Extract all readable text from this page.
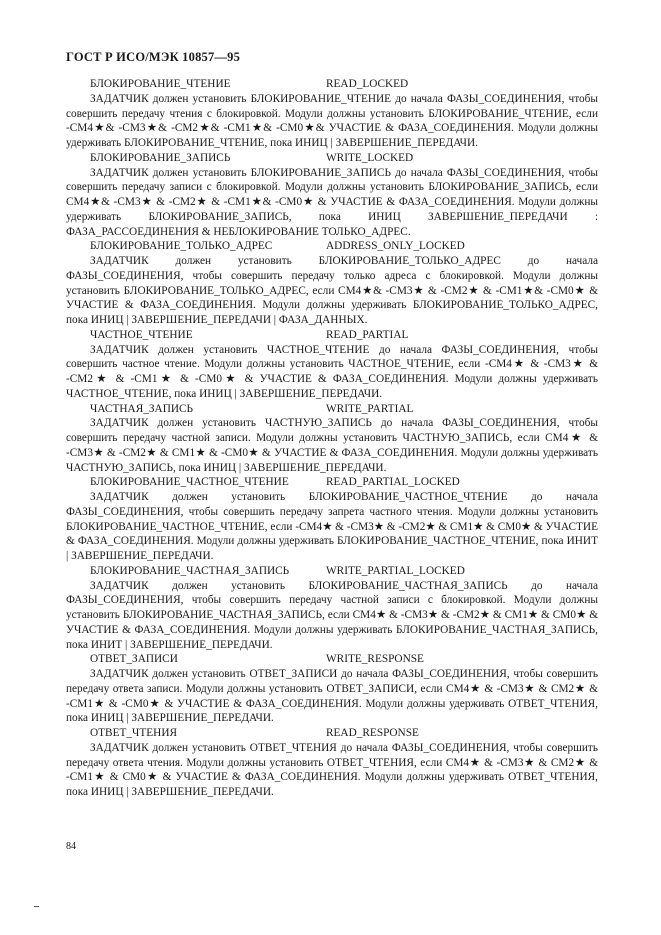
ГОСТ Р ИСО/МЭК 10857—95
БЛОКИРОВАНИЕ_ЧТЕНИЕ	READ_LOCKED

ЗАДАТЧИК должен установить БЛОКИРОВАНИЕ_ЧТЕНИЕ до начала ФАЗЫ_СОЕДИНЕНИЯ, чтобы совершить передачу чтения с блокировкой. Модули должны установить БЛОКИРОВАНИЕ_ЧТЕНИЕ, если -СМ4★& -СМ3★& -СМ2★& -СМ1★& -СМ0★& УЧАСТИЕ & ФАЗА_СОЕДИНЕНИЯ. Модули должны удерживать БЛОКИРОВАНИЕ_ЧТЕНИЕ, пока ИНИЦ | ЗАВЕРШЕНИЕ_ПЕРЕДАЧИ.

БЛОКИРОВАНИЕ_ЗАПИСЬ	WRITE_LOCKED

ЗАДАТЧИК должен установить БЛОКИРОВАНИЕ_ЗАПИСЬ до начала ФАЗЫ_СОЕДИНЕНИЯ, чтобы совершить передачу записи с блокировкой. Модули должны установить БЛОКИРОВАНИЕ_ЗАПИСЬ, если СМ4★& -СМ3★ & -СМ2★ & -СМ1★& -СМ0★ & УЧАСТИЕ & ФАЗА_СОЕДИНЕНИЯ. Модули должны удерживать БЛОКИРОВАНИЕ_ЗАПИСЬ, пока ИНИЦ ЗАВЕРШЕНИЕ_ПЕРЕДАЧИ : ФАЗА_РАССОЕДИНЕНИЯ & НЕБЛОКИРОВАНИЕ ТОЛЬКО_АДРЕС.

БЛОКИРОВАНИЕ_ТОЛЬКО_АДРЕС	ADDRESS_ONLY_LOCKED

ЗАДАТЧИК должен установить БЛОКИРОВАНИЕ_ТОЛЬКО_АДРЕС до начала ФАЗЫ_СОЕДИНЕНИЯ, чтобы совершить передачу только адреса с блокировкой. Модули должны установить БЛОКИРОВАНИЕ_ТОЛЬКО_АДРЕС, если СМ4★& -СМ3★ & -СМ2★ & -СМ1★& -СМ0★ & УЧАСТИЕ & ФАЗА_СОЕДИНЕНИЯ. Модули должны удерживать БЛОКИРОВАНИЕ_ТОЛЬКО_АДРЕС, пока ИНИЦ | ЗАВЕРШЕНИЕ_ПЕРЕДАЧИ | ФАЗА_ДАННЫХ.

ЧАСТНОЕ_ЧТЕНИЕ	READ_PARTIAL

ЗАДАТЧИК должен установить ЧАСТНОЕ_ЧТЕНИЕ до начала ФАЗЫ_СОЕДИНЕНИЯ, чтобы совершить частное чтение. Модули должны установить ЧАСТНОЕ_ЧТЕНИЕ, если -СМ4★ & -СМ3★ & -СМ2★ & -СМ1★ & -СМ0★ & УЧАСТИЕ & ФАЗА_СОЕДИНЕНИЯ. Модули должны удерживать ЧАСТНОЕ_ЧТЕНИЕ, пока ИНИЦ | ЗАВЕРШЕНИЕ_ПЕРЕДАЧИ.

ЧАСТНАЯ_ЗАПИСЬ	WRITE_PARTIAL

ЗАДАТЧИК должен установить ЧАСТНУЮ_ЗАПИСЬ до начала ФАЗЫ_СОЕДИНЕНИЯ, чтобы совершить передачу частной записи. Модули должны установить ЧАСТНУЮ_ЗАПИСЬ, если СМ4★ & -СМ3★ & -СМ2★ & СМ1★ & -СМ0★ & УЧАСТИЕ & ФАЗА_СОЕДИНЕНИЯ. Модули должны удерживать ЧАСТНУЮ_ЗАПИСЬ, пока ИНИЦ | ЗАВЕРШЕНИЕ_ПЕРЕДАЧИ.

БЛОКИРОВАНИЕ_ЧАСТНОЕ_ЧТЕНИЕ	READ_PARTIAL_LOCKED

ЗАДАТЧИК должен установить БЛОКИРОВАНИЕ_ЧАСТНОЕ_ЧТЕНИЕ до начала ФАЗЫ_СОЕДИНЕНИЯ, чтобы совершить передачу запрета частного чтения. Модули должны установить БЛОКИРОВАНИЕ_ЧАСТНОЕ_ЧТЕНИЕ, если -СМ4★ & -СМ3★ & -СМ2★ & СМ1★ & СМ0★ & УЧАСТИЕ & ФАЗА_СОЕДИНЕНИЯ. Модули должны удерживать БЛОКИРОВАНИЕ_ЧАСТНОЕ_ЧТЕНИЕ, пока ИНИТ | ЗАВЕРШЕНИЕ_ПЕРЕДАЧИ.

БЛОКИРОВАНИЕ_ЧАСТНАЯ_ЗАПИСЬ	WRITE_PARTIAL_LOCKED

ЗАДАТЧИК должен установить БЛОКИРОВАНИЕ_ЧАСТНАЯ_ЗАПИСЬ до начала ФАЗЫ_СОЕДИНЕНИЯ, чтобы совершить передачу частной записи с блокировкой. Модули должны установить БЛОКИРОВАНИЕ_ЧАСТНАЯ_ЗАПИСЬ, если СМ4★ & -СМ3★ & -СМ2★ & СМ1★ & СМ0★ & УЧАСТИЕ & ФАЗА_СОЕДИНЕНИЯ. Модули должны удерживать БЛОКИРОВАНИЕ_ЧАСТНАЯ_ЗАПИСЬ, пока ИНИТ | ЗАВЕРШЕНИЕ_ПЕРЕДАЧИ.

ОТВЕТ_ЗАПИСИ	WRITE_RESPONSE

ЗАДАТЧИК должен установить ОТВЕТ_ЗАПИСИ до начала ФАЗЫ_СОЕДИНЕНИЯ, чтобы совершить передачу ответа записи. Модули должны установить ОТВЕТ_ЗАПИСИ, если СМ4★ & -СМ3★ & СМ2★ & -СМ1★ & -СМ0★ & УЧАСТИЕ & ФАЗА_СОЕДИНЕНИЯ. Модули должны удерживать ОТВЕТ_ЧТЕНИЯ, пока ИНИЦ | ЗАВЕРШЕНИЕ_ПЕРЕДАЧИ.

ОТВЕТ_ЧТЕНИЯ	READ_RESPONSE

ЗАДАТЧИК должен установить ОТВЕТ_ЧТЕНИЯ до начала ФАЗЫ_СОЕДИНЕНИЯ, чтобы совершить передачу ответа чтения. Модули должны установить ОТВЕТ_ЧТЕНИЯ, если СМ4★ & -СМ3★ & СМ2★ & -СМ1★ & СМ0★ & УЧАСТИЕ & ФАЗА_СОЕДИНЕНИЯ. Модули должны удерживать ОТВЕТ_ЧТЕНИЯ, пока ИНИЦ | ЗАВЕРШЕНИЕ_ПЕРЕДАЧИ.

84
